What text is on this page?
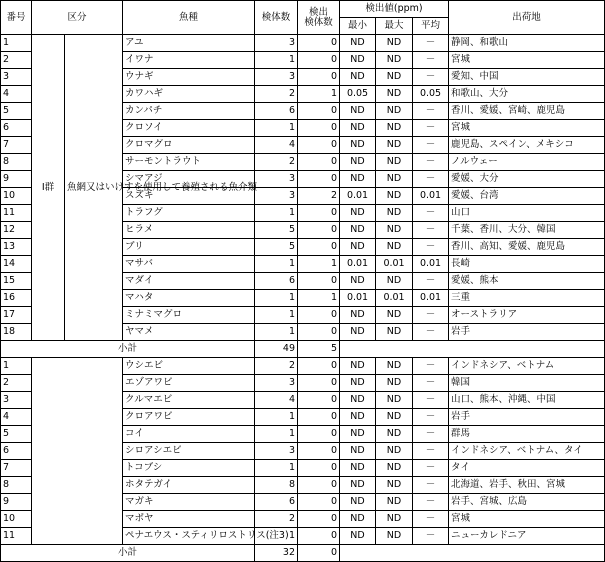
番号	区分		魚種	検体数	検出
検体数	検出値(ppm)			出荷地
						最小	最大	平均	
1	Ⅰ群	魚網又はいけすを使用して養殖される魚介類	アユ	3	0	ND	ND	－	静岡、和歌山
2			イワナ	1	0	ND	ND	－	宮城
3			ウナギ	3	0	ND	ND	－	愛知、中国
4			カワハギ	2	1	0.05	ND	0.05	和歌山、大分
5			カンパチ	6	0	ND	ND	－	香川、愛媛、宮崎、鹿児島
6			クロソイ	1	0	ND	ND	－	宮城
7			クロマグロ	4	0	ND	ND	－	鹿児島、スペイン、メキシコ
8			サーモントラウト	2	0	ND	ND	－	ノルウェー
9			シマアジ	3	0	ND	ND	－	愛媛、大分
10			スズキ	3	2	0.01	ND	0.01	愛媛、台湾
11			トラフグ	1	0	ND	ND	－	山口
12			ヒラメ	5	0	ND	ND	－	千葉、香川、大分、韓国
13			ブリ	5	0	ND	ND	－	香川、高知、愛媛、鹿児島
14			マサバ	1	1	0.01	0.01	0.01	長崎
15			マダイ	6	0	ND	ND	－	愛媛、熊本
16			マハタ	1	1	0.01	0.01	0.01	三重
17			ミナミマグロ	1	0	ND	ND	－	オーストラリア
18			ヤマメ	1	0	ND	ND	－	岩手
小計				49	5				
1			ウシエビ	2	0	ND	ND	－	インドネシア、ベトナム
2			エゾアワビ	3	0	ND	ND	－	韓国
3			クルマエビ	4	0	ND	ND	－	山口、熊本、沖縄、中国
4			クロアワビ	1	0	ND	ND	－	岩手
5			コイ	1	0	ND	ND	－	群馬
6			シロアシエビ	3	0	ND	ND	－	インドネシア、ベトナム、タイ
7			トコブシ	1	0	ND	ND	－	タイ
8			ホタテガイ	8	0	ND	ND	－	北海道、岩手、秋田、宮城
9			マガキ	6	0	ND	ND	－	岩手、宮城、広島
10			マボヤ	2	0	ND	ND	－	宮城
11			ペナエウス・スティリロストリス(注3)	1	0	ND	ND	－	ニューカレドニア
小計				32	0				
